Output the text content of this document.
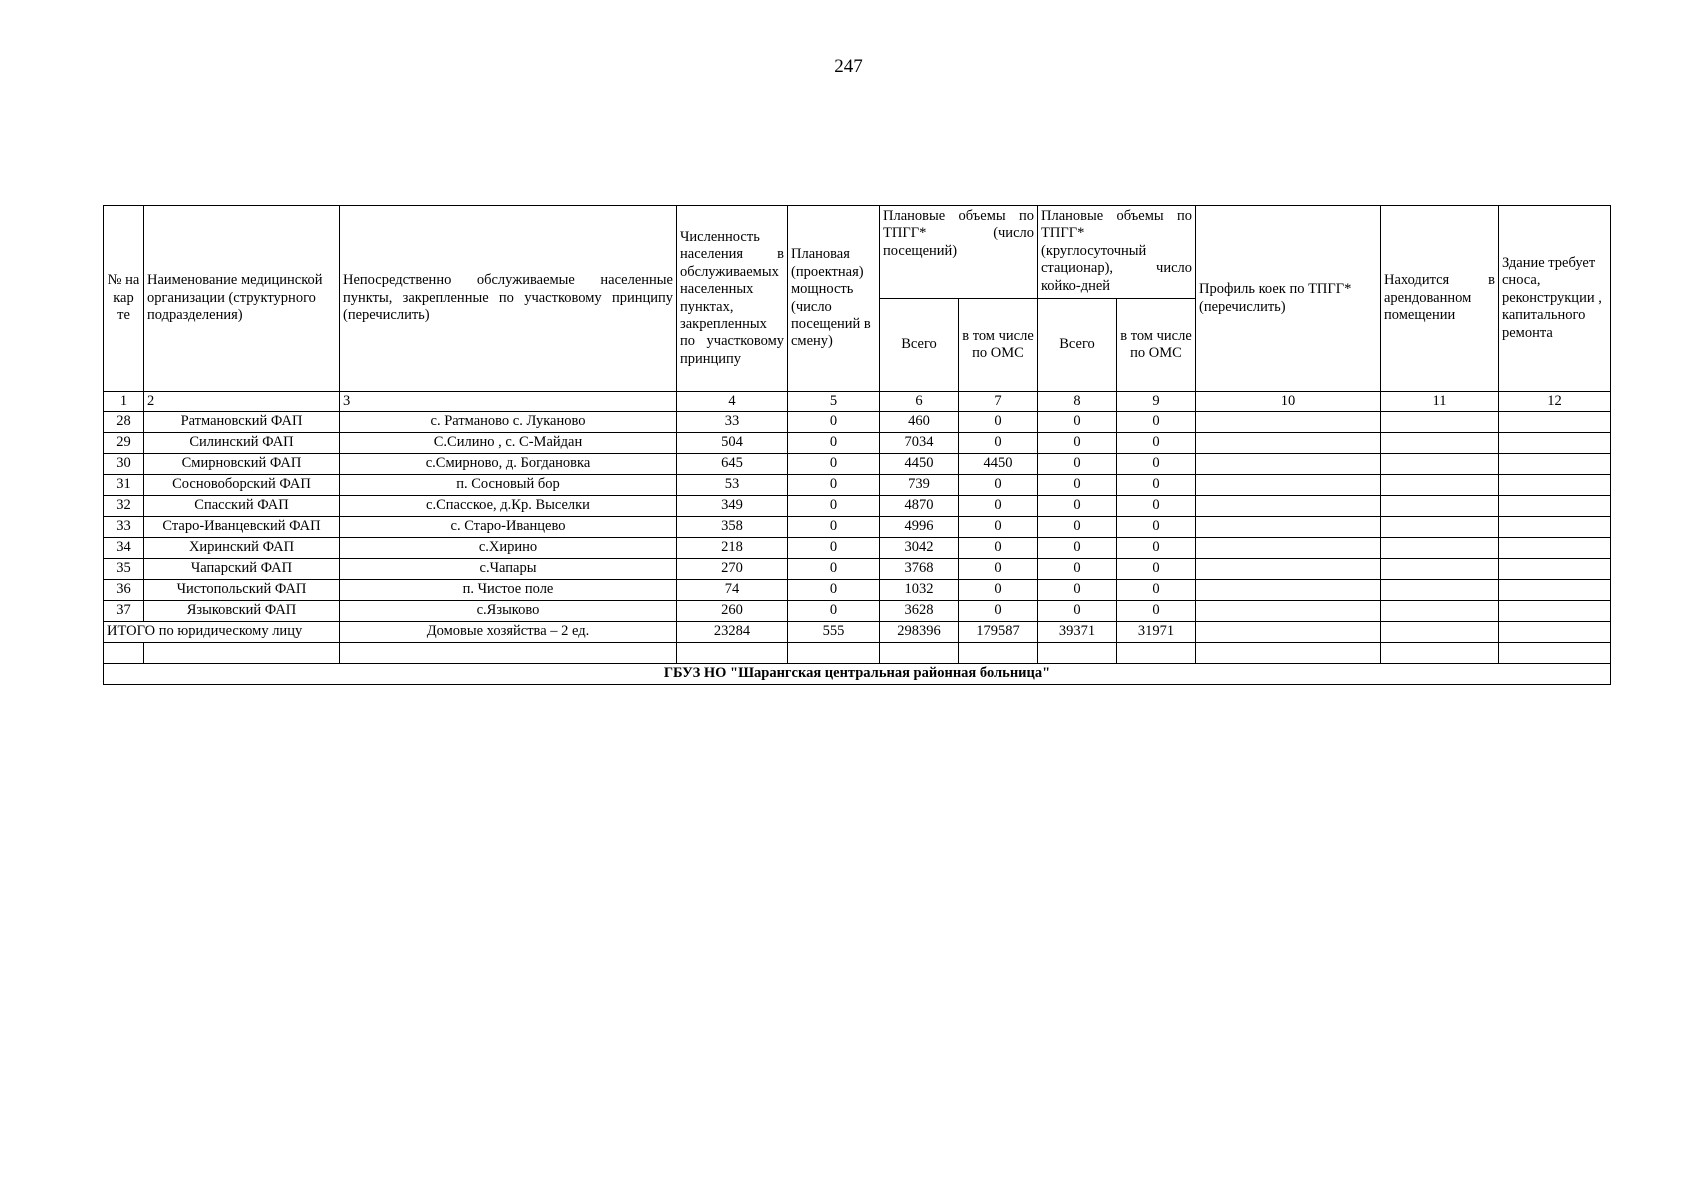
247
№ на кар те	Наименование медицинской организации (структурного подразделения)	Непосредственно обслуживаемые населенные пункты, закрепленные по участковому принципу (перечислить)	Численность населения в обслуживаемых населенных пунктах, закрепленных по участковому принципу	Плановая (проектная) мощность (число посещений в смену)	Плановые объемы по ТПГГ* (число посещений)		Плановые объемы по ТПГГ* (круглосуточный стационар), число койко-дней		Профиль коек по ТПГГ* (перечислить)	Находится в арендованном помещении	Здание требует сноса, реконструкции , капитального ремонта
					Всего	в том числе по ОМС	Всего	в том числе по ОМС			
1	2	3	4	5	6	7	8	9	10	11	12
28	Ратмановский ФАП	с. Ратманово с. Луканово	33	0	460	0	0	0			
29	Силинский ФАП	С.Силино , с. С-Майдан	504	0	7034	0	0	0			
30	Смирновский ФАП	с.Смирново, д. Богдановка	645	0	4450	4450	0	0			
31	Сосновоборский ФАП	п. Сосновый бор	53	0	739	0	0	0			
32	Спасский ФАП	с.Спасское, д.Кр. Выселки	349	0	4870	0	0	0			
33	Старо-Иванцевский ФАП	с. Старо-Иванцево	358	0	4996	0	0	0			
34	Хиринский ФАП	с.Хирино	218	0	3042	0	0	0			
35	Чапарский ФАП	с.Чапары	270	0	3768	0	0	0			
36	Чистопольский ФАП	п. Чистое поле	74	0	1032	0	0	0			
37	Языковский ФАП	с.Языково	260	0	3628	0	0	0			
ИТОГО по юридическому лицу		Домовые хозяйства – 2 ед.	23284	555	298396	179587	39371	31971			

ГБУЗ НО "Шарангская центральная районная больница"											
